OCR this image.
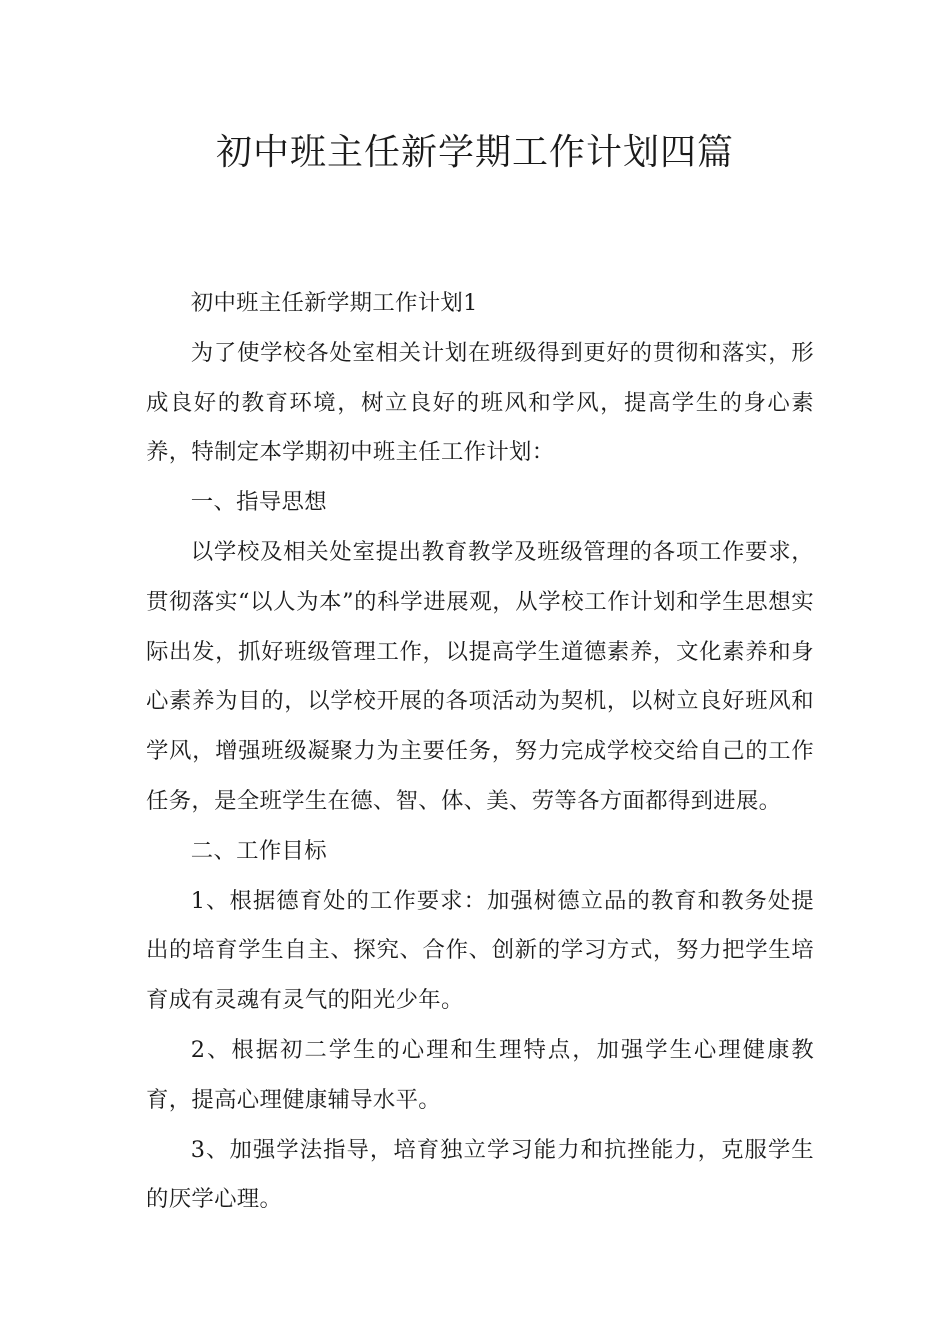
初中班主任新学期工作计划四篇

初中班主任新学期工作计划1

为了使学校各处室相关计划在班级得到更好的贯彻和落实，形成良好的教育环境，树立良好的班风和学风，提高学生的身心素养，特制定本学期初中班主任工作计划：

一、指导思想

以学校及相关处室提出教育教学及班级管理的各项工作要求，贯彻落实“以人为本”的科学进展观，从学校工作计划和学生思想实际出发，抓好班级管理工作，以提高学生道德素养，文化素养和身心素养为目的，以学校开展的各项活动为契机，以树立良好班风和学风，增强班级凝聚力为主要任务，努力完成学校交给自己的工作任务，是全班学生在德、智、体、美、劳等各方面都得到进展。

二、工作目标

1、根据德育处的工作要求：加强树德立品的教育和教务处提出的培育学生自主、探究、合作、创新的学习方式，努力把学生培育成有灵魂有灵气的阳光少年。

2、根据初二学生的心理和生理特点，加强学生心理健康教育，提高心理健康辅导水平。

3、加强学法指导，培育独立学习能力和抗挫能力，克服学生的厌学心理。
